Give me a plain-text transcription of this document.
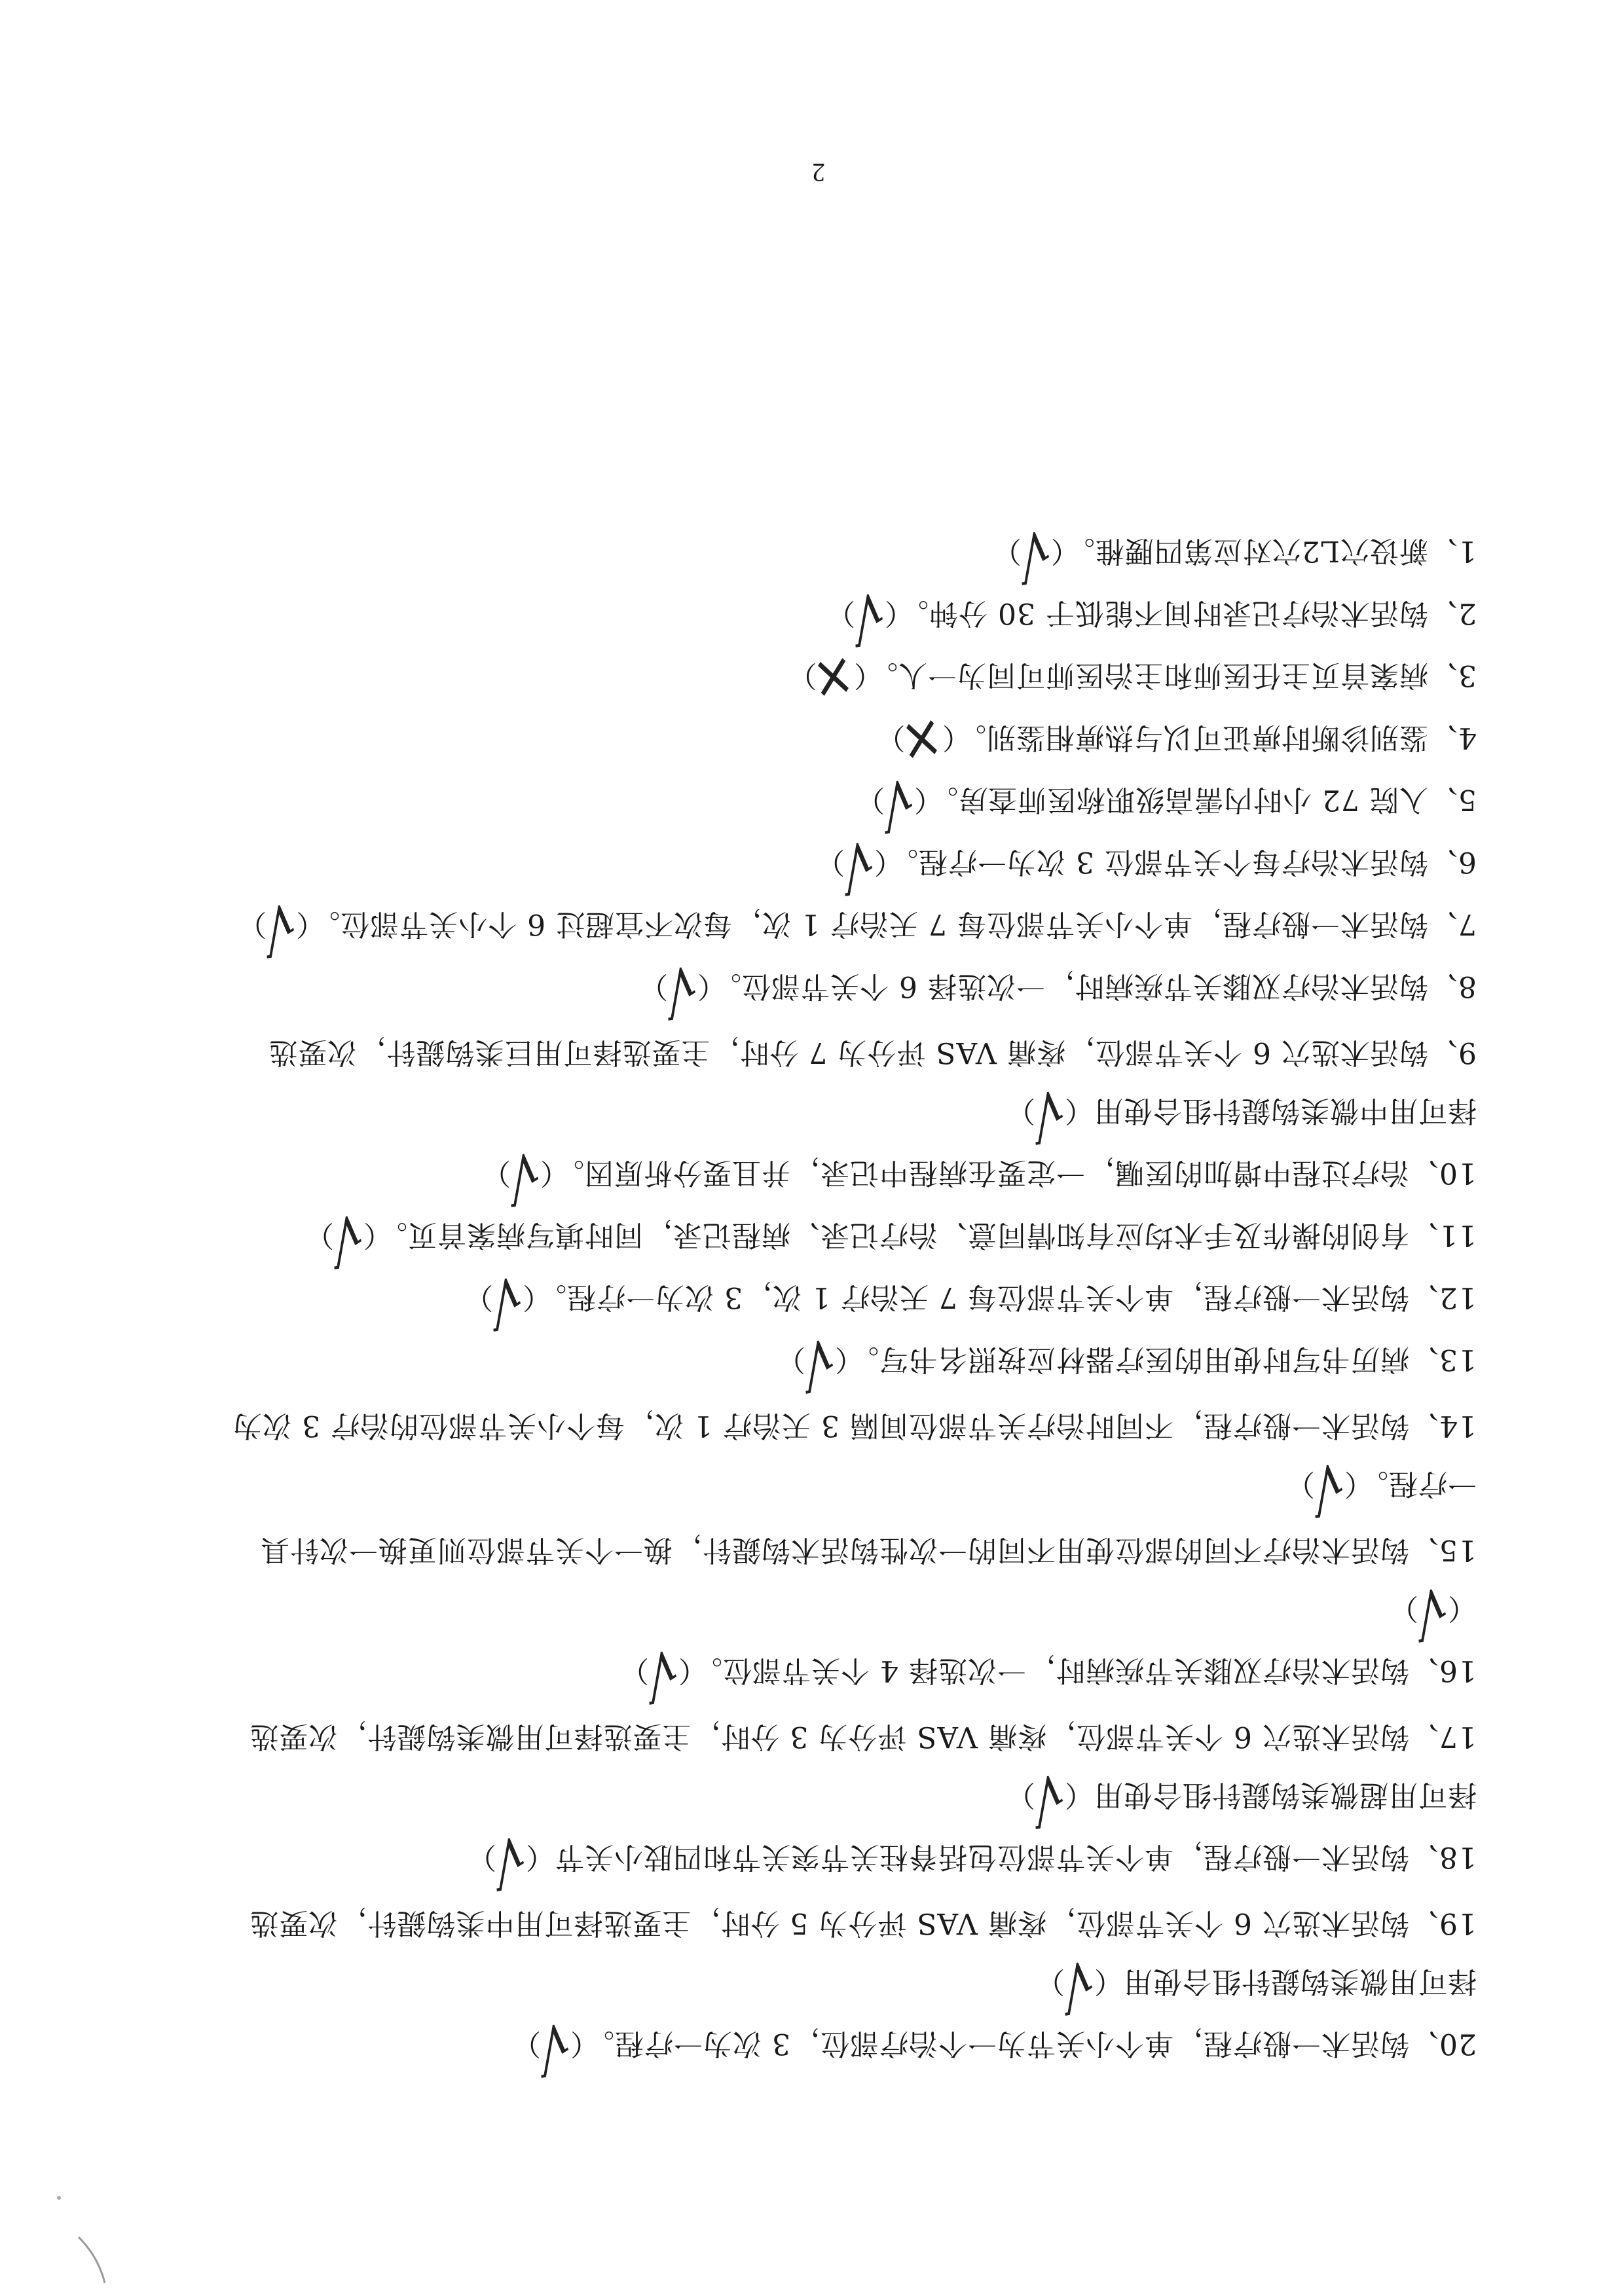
2
1、新设穴L2穴对应第四腰椎。（√）
2、钩活术治疗记录时间不能低于 30 分钟。（√）
3、病案首页主任医师和主治医师可同为一人。（×）
4、鉴别诊断时痹证可以与热痹相鉴别。（×）
5、入院 72 小时内需高级职称医师查房。（√）
6、钩活术治疗每个关节部位 3 次为一疗程。（√）
7、钩活术一般疗程，单个小关节部位每 7 天治疗 1 次，每次不宜超过 6 个小关节部位。（√）
8、钩活术治疗双膝关节疾病时，一次选择 6 个关节部位。（√）
9、钩活术选穴 6 个关节部位，疼痛 VAS 评分为 7 分时，主要选择可用巨类钩鍉针，次要选
择可用中微类钩鍉针组合使用（√）
10、治疗过程中增加的医嘱，一定要在病程中记录，并且要分析原因。（√）
11、有创的操作及手术均应有知情同意、治疗记录、病程记录，同时填写病案首页。（√）
12、钩活术一般疗程，单个关节部位每 7 天治疗 1 次，3 次为一疗程。（√）
13、病历书写时使用的医疗器材应按照名书写。（√）
14、钩活术一般疗程，不同时治疗关节部位间隔 3 天治疗 1 次，每个小关节部位的治疗 3 次为
一疗程。（√）
15、钩活术治疗不同的部位使用不同的一次性钩活术钩鍉针，换一个关节部位则更换一次针具
（√）
16、钩活术治疗双膝关节疾病时，一次选择 4 个关节部位。（√）
17、钩活术选穴 6 个关节部位，疼痛 VAS 评分为 3 分时，主要选择可用微类钩鍉针，次要选
择可用超微类钩鍉针组合使用（√）
18、钩活术一般疗程，单个关节部位包括脊柱关节突关节和四肢小关节（√）
19、钩活术选穴 6 个关节部位，疼痛 VAS 评分为 5 分时，主要选择可用中类钩鍉针，次要选
择可用微类钩鍉针组合使用（√）
20、钩活术一般疗程，单个小关节为一个治疗部位，3 次为一疗程。（√）
